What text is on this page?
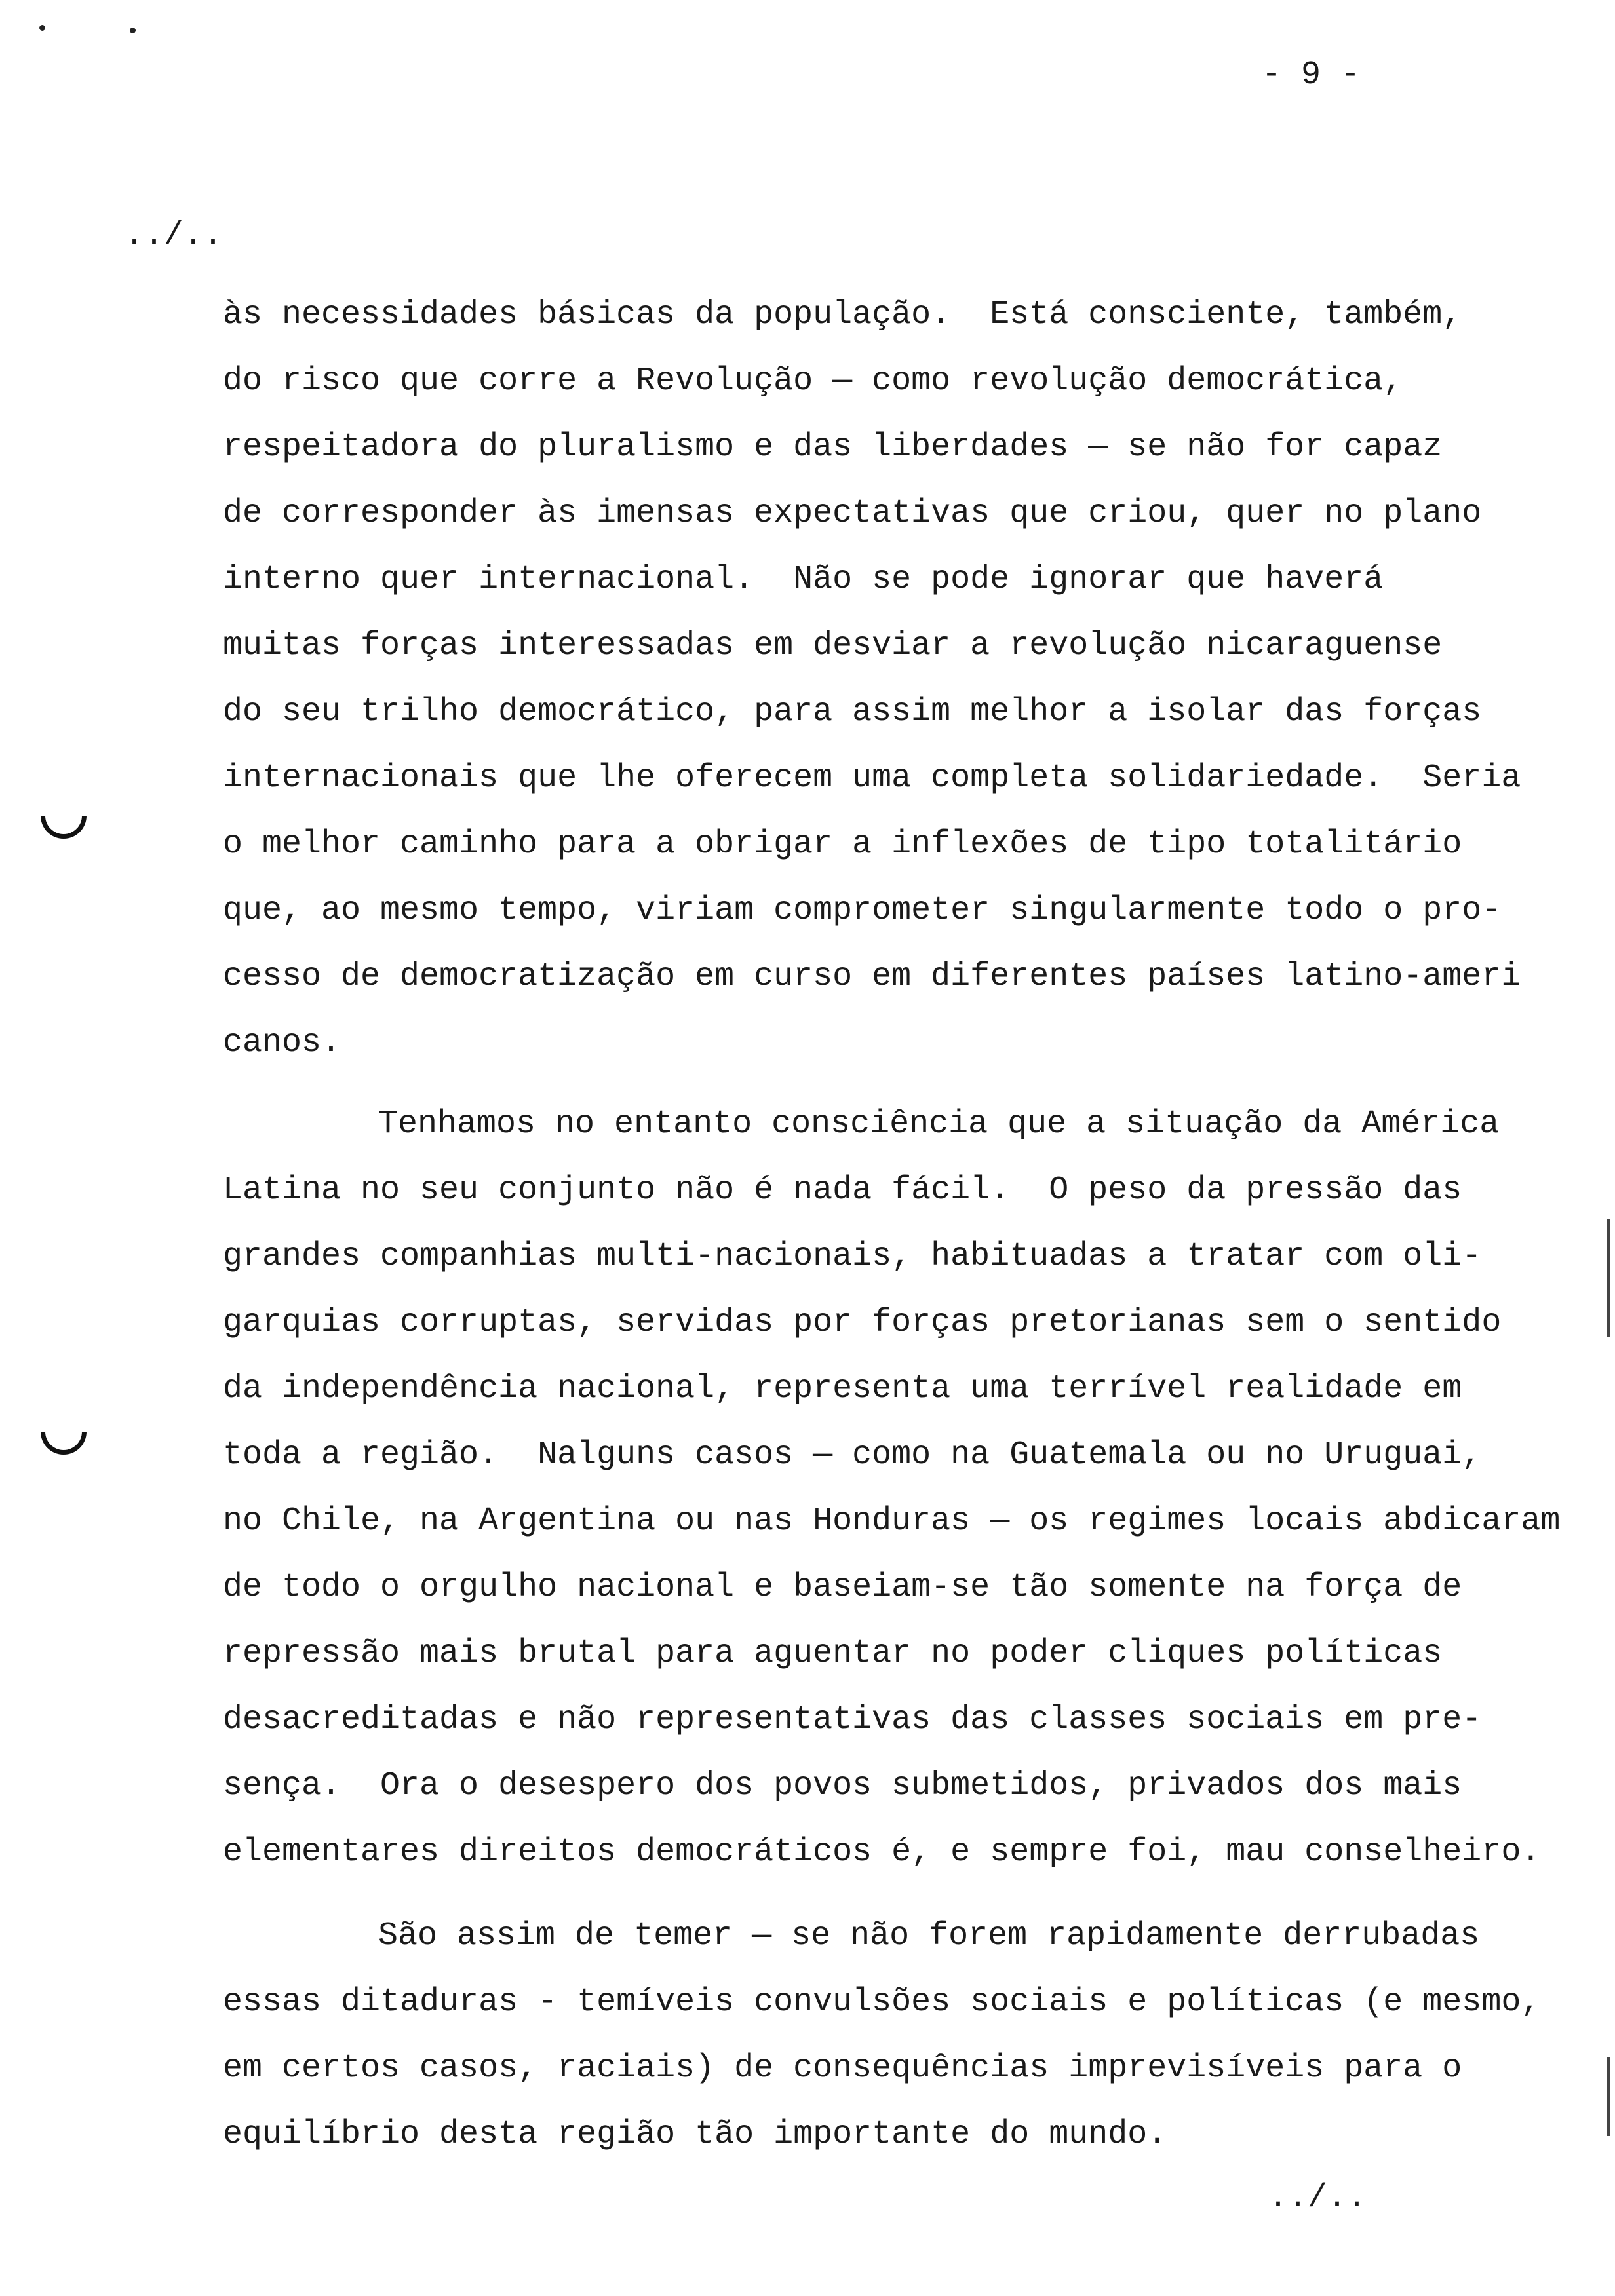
- 9 -
../..
../..
às necessidades básicas da população.  Está consciente, também,
do risco que corre a Revolução — como revolução democrática,
respeitadora do pluralismo e das liberdades — se não for capaz
de corresponder às imensas expectativas que criou, quer no plano
interno quer internacional.  Não se pode ignorar que haverá
muitas forças interessadas em desviar a revolução nicaraguense
do seu trilho democrático, para assim melhor a isolar das forças
internacionais que lhe oferecem uma completa solidariedade.  Seria
o melhor caminho para a obrigar a inflexões de tipo totalitário
que, ao mesmo tempo, viriam comprometer singularmente todo o pro-
cesso de democratização em curso em diferentes países latino-ameri
canos.
Tenhamos no entanto consciência que a situação da América
Latina no seu conjunto não é nada fácil.  O peso da pressão das
grandes companhias multi-nacionais, habituadas a tratar com oli-
garquias corruptas, servidas por forças pretorianas sem o sentido
da independência nacional, representa uma terrível realidade em
toda a região.  Nalguns casos — como na Guatemala ou no Uruguai,
no Chile, na Argentina ou nas Honduras — os regimes locais abdicaram
de todo o orgulho nacional e baseiam-se tão somente na força de
repressão mais brutal para aguentar no poder cliques políticas
desacreditadas e não representativas das classes sociais em pre-
sença.  Ora o desespero dos povos submetidos, privados dos mais
elementares direitos democráticos é, e sempre foi, mau conselheiro.
São assim de temer — se não forem rapidamente derrubadas
essas ditaduras - temíveis convulsões sociais e políticas (e mesmo,
em certos casos, raciais) de consequências imprevisíveis para o
equilíbrio desta região tão importante do mundo.
